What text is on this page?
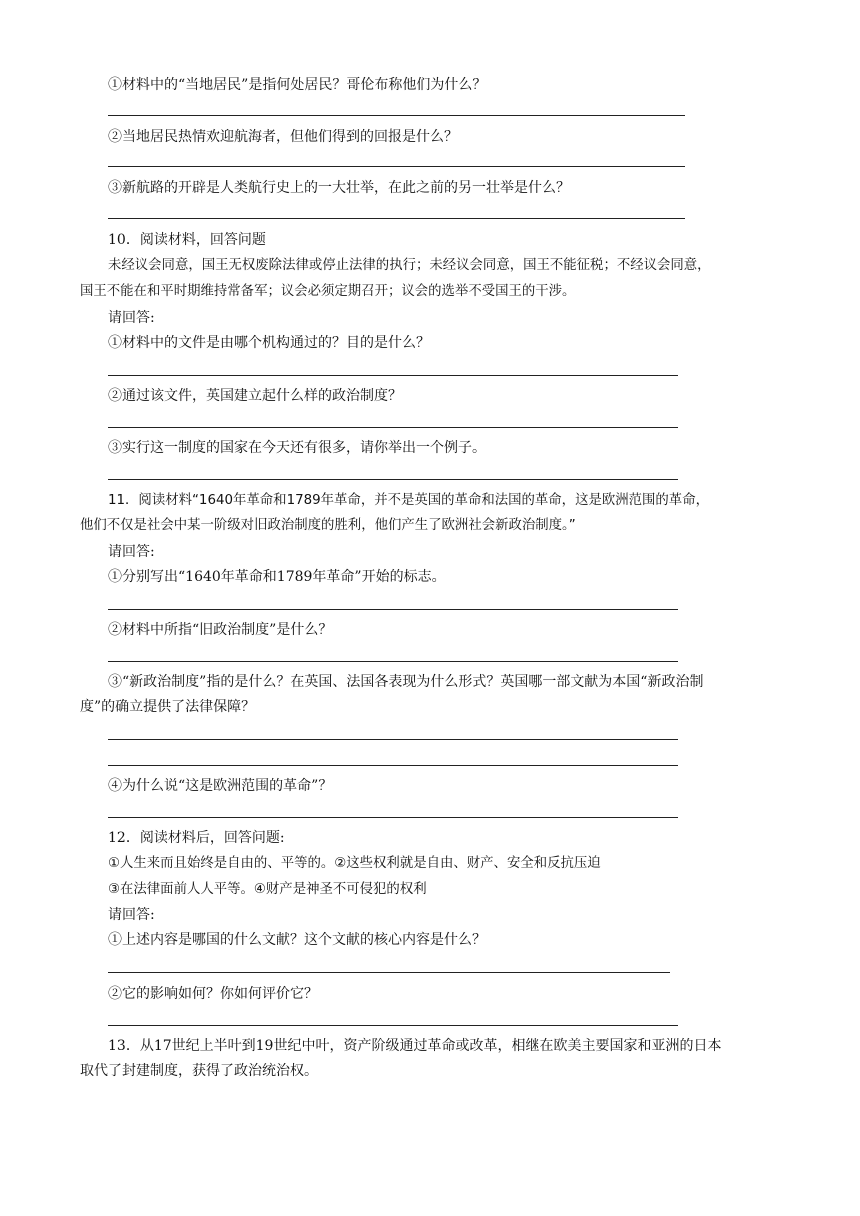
①材料中的“当地居民”是指何处居民？哥伦布称他们为什么？

②当地居民热情欢迎航海者，但他们得到的回报是什么？

③新航路的开辟是人类航行史上的一大壮举，在此之前的另一壮举是什么？

10．阅读材料，回答问题

未经议会同意，国王无权废除法律或停止法律的执行；未经议会同意，国王不能征税；不经议会同意，

国王不能在和平时期维持常备军；议会必须定期召开；议会的选举不受国王的干涉。

请回答:

①材料中的文件是由哪个机构通过的？目的是什么？

②通过该文件，英国建立起什么样的政治制度？

③实行这一制度的国家在今天还有很多，请你举出一个例子。

11．阅读材料“1640年革命和1789年革命，并不是英国的革命和法国的革命，这是欧洲范围的革命，

他们不仅是社会中某一阶级对旧政治制度的胜利，他们产生了欧洲社会新政治制度。”

请回答:

①分别写出“1640年革命和1789年革命”开始的标志。

②材料中所指“旧政治制度”是什么？

③“新政治制度”指的是什么？在英国、法国各表现为什么形式？英国哪一部文献为本国“新政治制

度”的确立提供了法律保障？

④为什么说“这是欧洲范围的革命”？

12．阅读材料后，回答问题:

①人生来而且始终是自由的、平等的。②这些权利就是自由、财产、安全和反抗压迫

③在法律面前人人平等。④财产是神圣不可侵犯的权利

请回答:

①上述内容是哪国的什么文献？这个文献的核心内容是什么？

②它的影响如何？你如何评价它？

13．从17世纪上半叶到19世纪中叶，资产阶级通过革命或改革，相继在欧美主要国家和亚洲的日本

取代了封建制度，获得了政治统治权。
